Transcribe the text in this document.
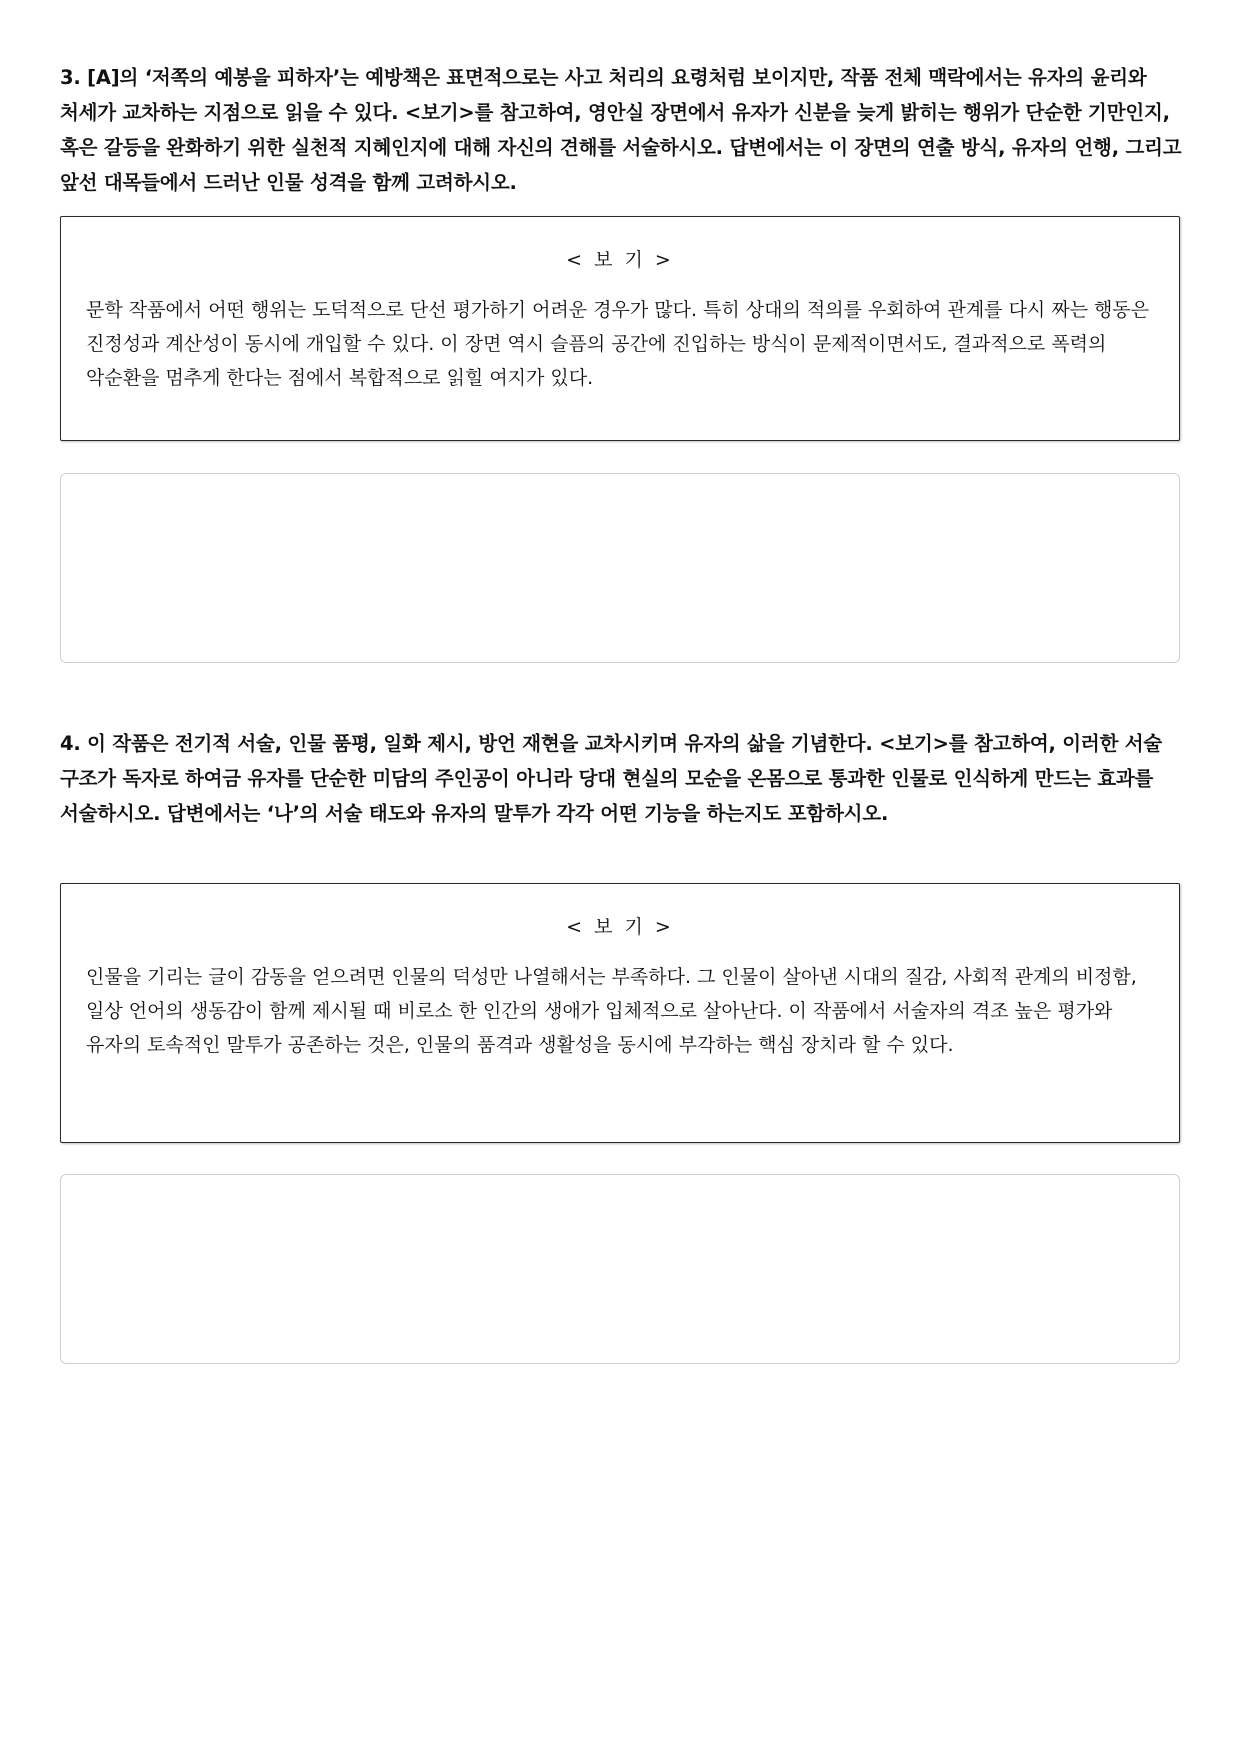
3. [A]의 ‘저쪽의 예봉을 피하자’는 예방책은 표면적으로는 사고 처리의 요령처럼 보이지만, 작품 전체 맥락에서는 유자의 윤리와 처세가 교차하는 지점으로 읽을 수 있다. <보기>를 참고하여, 영안실 장면에서 유자가 신분을 늦게 밝히는 행위가 단순한 기만인지, 혹은 갈등을 완화하기 위한 실천적 지혜인지에 대해 자신의 견해를 서술하시오. 답변에서는 이 장면의 연출 방식, 유자의 언행, 그리고 앞선 대목들에서 드러난 인물 성격을 함께 고려하시오.
< 보 기 >
문학 작품에서 어떤 행위는 도덕적으로 단선 평가하기 어려운 경우가 많다. 특히 상대의 적의를 우회하여 관계를 다시 짜는 행동은 진정성과 계산성이 동시에 개입할 수 있다. 이 장면 역시 슬픔의 공간에 진입하는 방식이 문제적이면서도, 결과적으로 폭력의 악순환을 멈추게 한다는 점에서 복합적으로 읽힐 여지가 있다.
4. 이 작품은 전기적 서술, 인물 품평, 일화 제시, 방언 재현을 교차시키며 유자의 삶을 기념한다. <보기>를 참고하여, 이러한 서술 구조가 독자로 하여금 유자를 단순한 미담의 주인공이 아니라 당대 현실의 모순을 온몸으로 통과한 인물로 인식하게 만드는 효과를 서술하시오. 답변에서는 ‘나’의 서술 태도와 유자의 말투가 각각 어떤 기능을 하는지도 포함하시오.
< 보 기 >
인물을 기리는 글이 감동을 얻으려면 인물의 덕성만 나열해서는 부족하다. 그 인물이 살아낸 시대의 질감, 사회적 관계의 비정함, 일상 언어의 생동감이 함께 제시될 때 비로소 한 인간의 생애가 입체적으로 살아난다. 이 작품에서 서술자의 격조 높은 평가와 유자의 토속적인 말투가 공존하는 것은, 인물의 품격과 생활성을 동시에 부각하는 핵심 장치라 할 수 있다.
